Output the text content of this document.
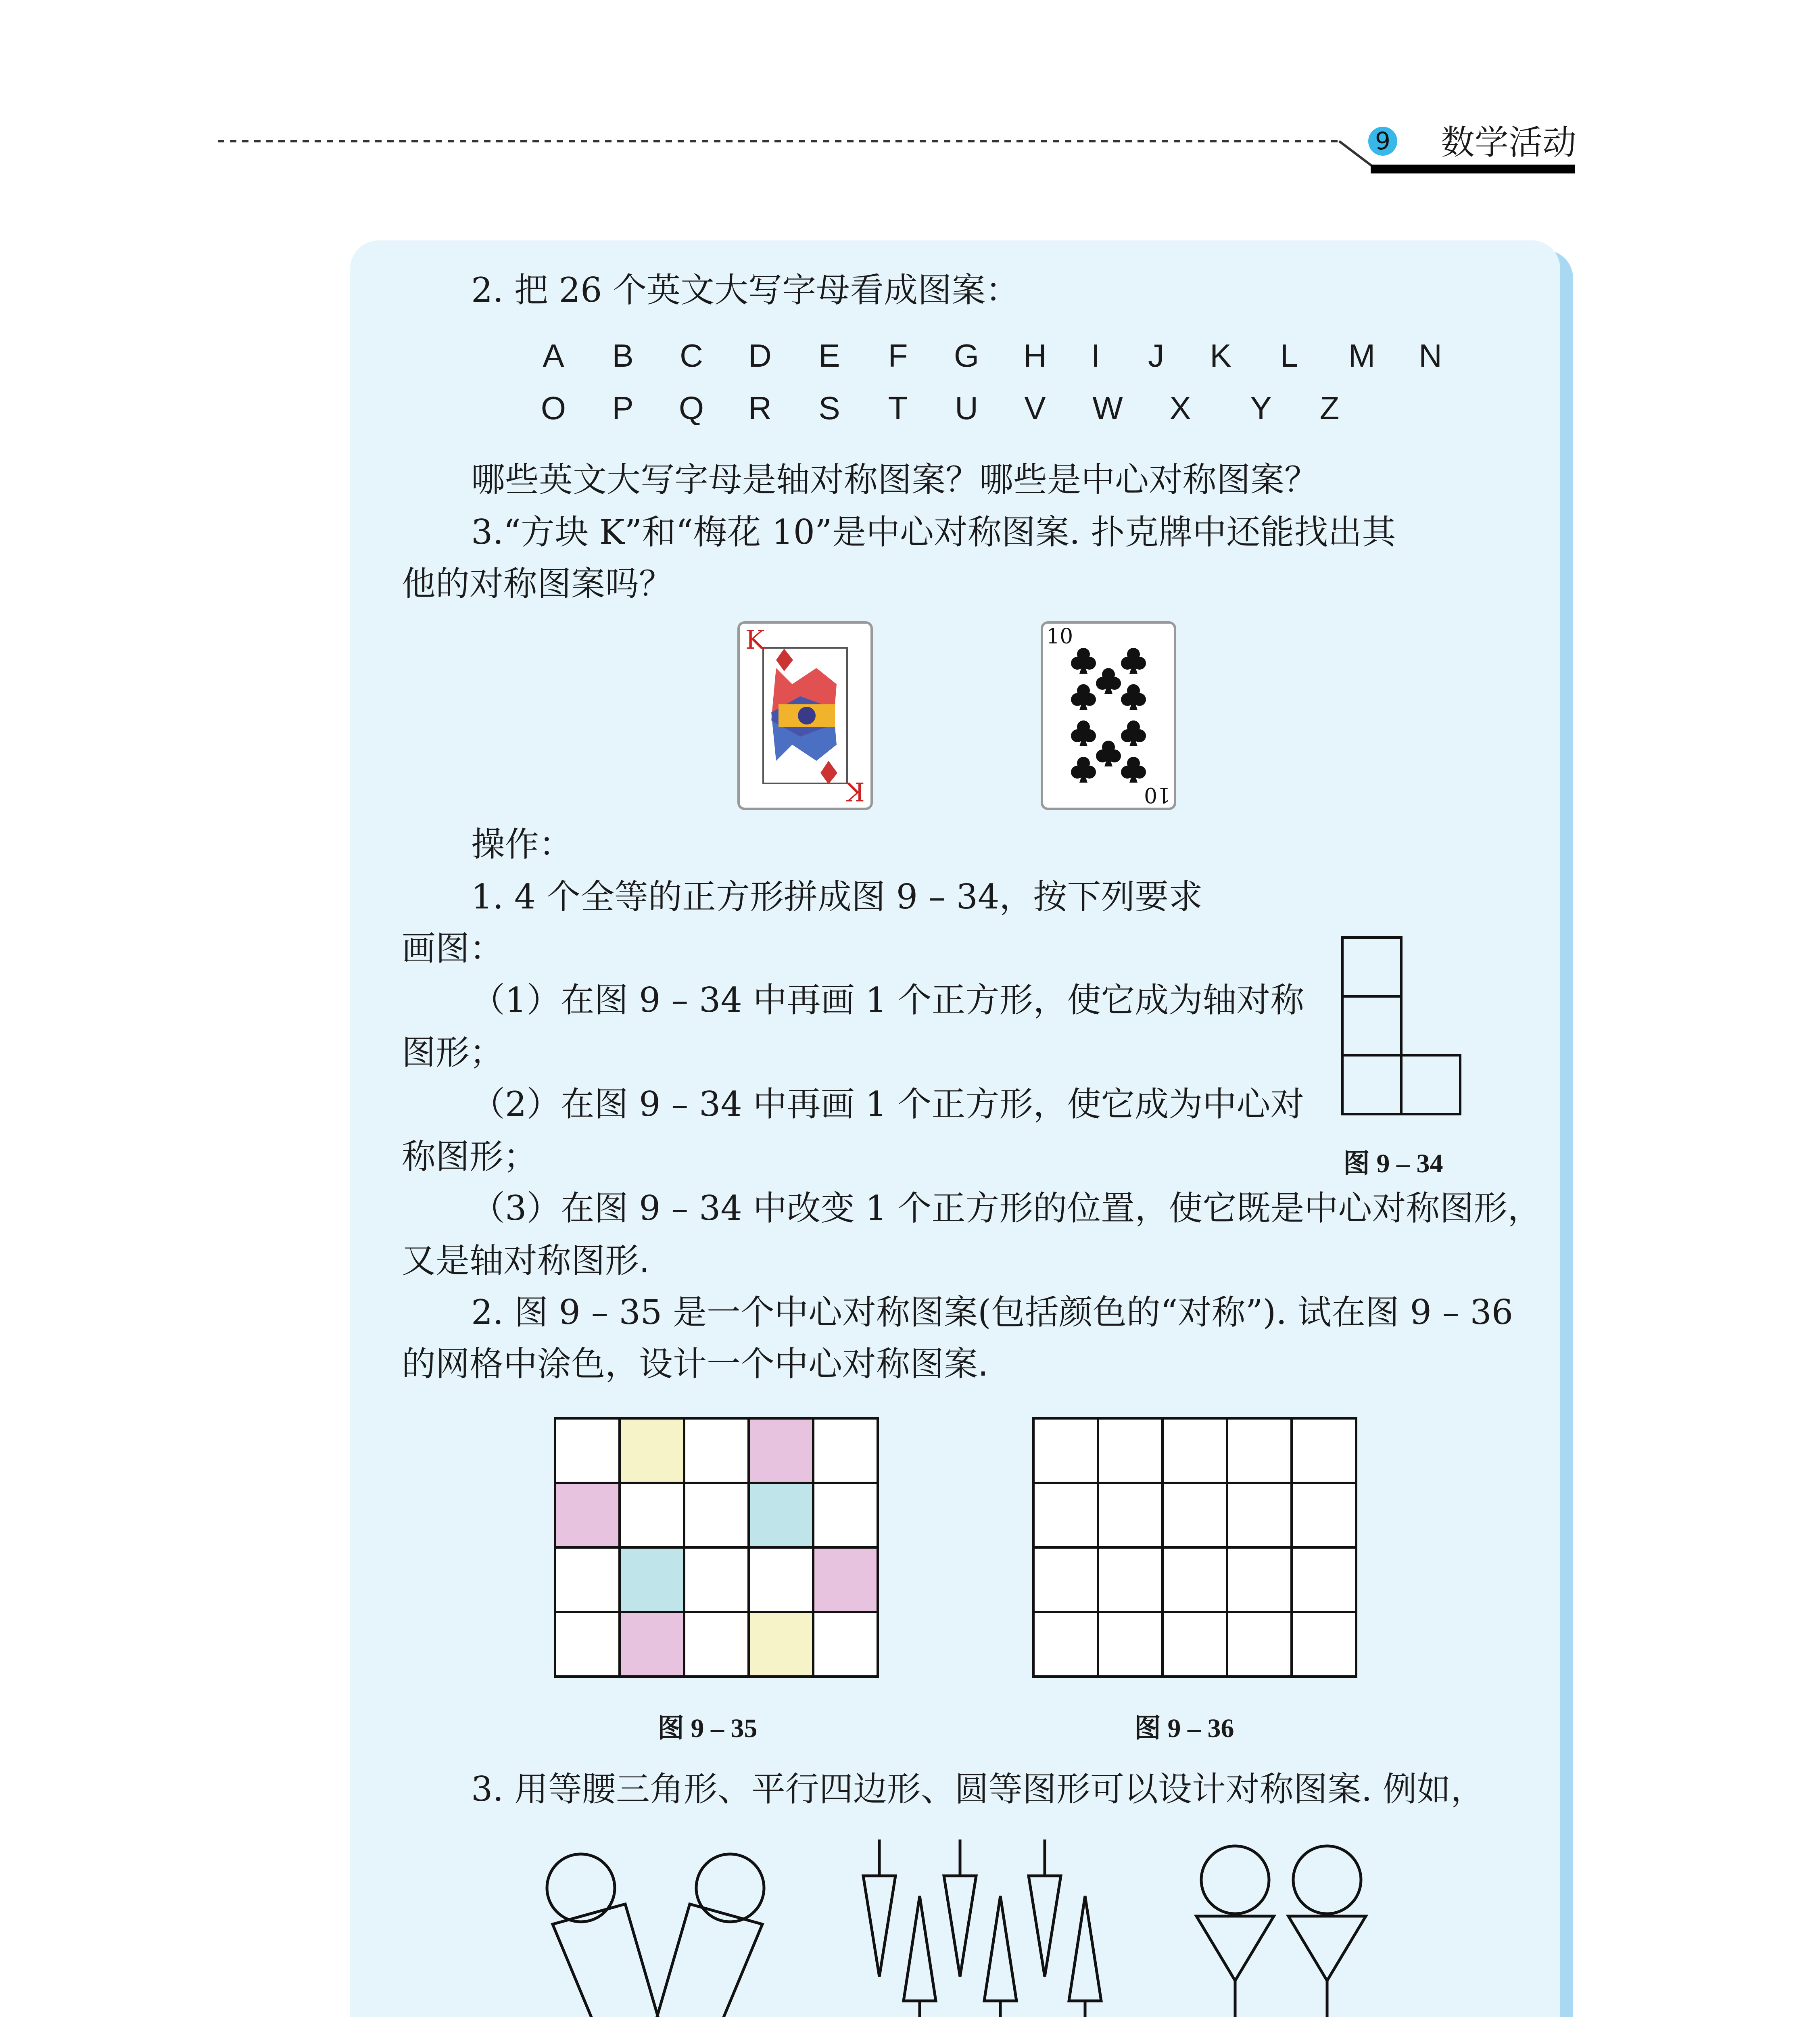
9 数学活动
2. 把 26 个英文大写字母看成图案：
A	B	C	D	E	F	G	H	I	J	K	L	M	N
O	P	Q	R	S	T	U	V	W	X	Y	Z
哪些英文大写字母是轴对称图案？哪些是中心对称图案？
3.“方块 K”和“梅花 10”是中心对称图案. 扑克牌中还能找出其
他的对称图案吗？
K
K
10
10
操作：
1. 4 个全等的正方形拼成图 9 – 34，按下列要求
画图：
（1）在图 9 – 34 中再画 1 个正方形，使它成为轴对称
图形；
（2）在图 9 – 34 中再画 1 个正方形，使它成为中心对
称图形；	图 9 – 34
（3）在图 9 – 34 中改变 1 个正方形的位置，使它既是中心对称图形，
又是轴对称图形.
2. 图 9 – 35 是一个中心对称图案(包括颜色的“对称”). 试在图 9 – 36
的网格中涂色，设计一个中心对称图案.
图 9 – 35	图 9 – 36
3. 用等腰三角形、平行四边形、圆等图形可以设计对称图案. 例如，
